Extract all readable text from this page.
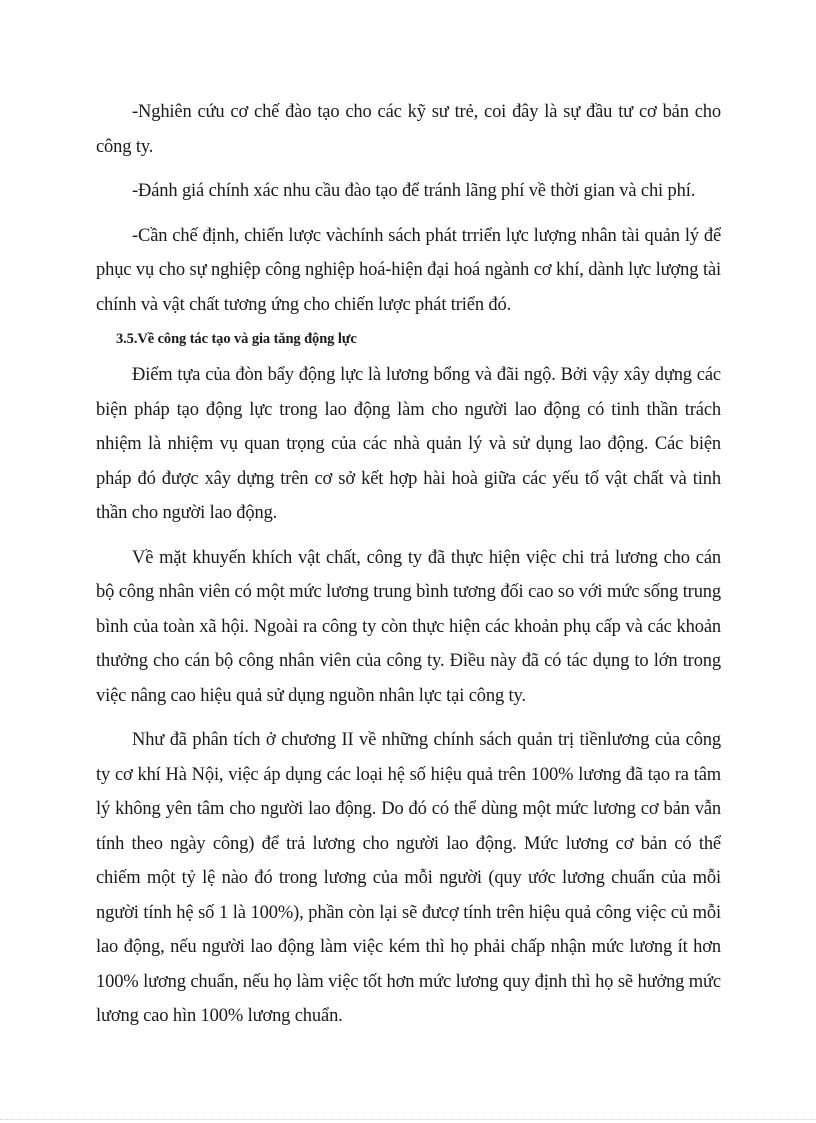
-Nghiên cứu cơ chế đào tạo cho các kỹ sư trẻ, coi đây là sự đầu tư cơ bản cho công ty.

-Đánh giá chính xác nhu cầu đào tạo để tránh lãng phí về thời gian và chi phí.

-Cần chế định, chiến lược vàchính sách phát trriển lực lượng nhân tài quản lý để phục vụ cho sự nghiệp công nghiệp hoá-hiện đại hoá ngành cơ khí, dành lực lượng tài chính và vật chất tương ứng cho chiến lược phát triển đó.

3.5.Về công tác tạo và gia tăng động lực

Điểm tựa của đòn bẩy động lực là lương bổng và đãi ngộ. Bởi vậy xây dựng các biện pháp tạo động lực trong lao động làm cho người lao động có tinh thần trách nhiệm là nhiệm vụ quan trọng của các nhà quản lý và sử dụng lao động. Các biện pháp đó được xây dựng trên cơ sở kết hợp hài hoà giữa các yếu tố vật chất và tinh thần cho người lao động.

Về mặt khuyến khích vật chất, công ty đã thực hiện việc chi trả lương cho cán bộ công nhân viên có một mức lương trung bình tương đối cao so với mức sống trung bình của toàn xã hội. Ngoài ra công ty còn thực hiện các khoản phụ cấp và các khoản thưởng cho cán bộ công nhân viên của công ty. Điều này đã có tác dụng to lớn trong việc nâng cao hiệu quả sử dụng nguồn nhân lực tại công ty.

Như đã phân tích ở chương II về những chính sách quản trị tiềnlương của công ty cơ khí Hà Nội, việc áp dụng các loại hệ số hiệu quả trên 100% lương đã tạo ra tâm lý không yên tâm cho người lao động. Do đó có thể dùng một mức lương cơ bản vẫn tính theo ngày công) để trả lương cho người lao động. Mức lương cơ bản có thể chiếm một tỷ lệ nào đó trong lương của mỗi người (quy ước lương chuẩn của mỗi người tính hệ số 1 là 100%), phần còn lại sẽ đưcợ tính trên hiệu quả công việc củ mỗi lao động, nếu người lao động làm việc kém thì họ phải chấp nhận mức lương ít hơn 100% lương chuẩn, nếu họ làm việc tốt hơn mức lương quy định thì họ sẽ hưởng mức lương cao hìn 100% lương chuẩn.
